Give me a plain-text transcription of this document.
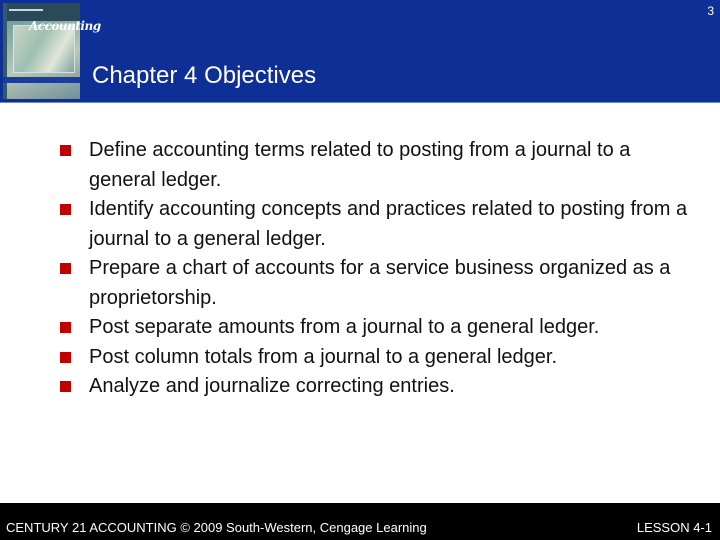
Accounting
Chapter 4 Objectives
3
Define accounting terms related to posting from a journal to a general ledger.
Identify accounting concepts and practices related to posting from a journal to a general ledger.
Prepare a chart of accounts for a service business organized as a proprietorship.
Post separate amounts from a journal to a general ledger.
Post column totals from a journal to a general ledger.
Analyze and journalize correcting entries.
CENTURY 21 ACCOUNTING © 2009 South-Western, Cengage Learning	LESSON 4-1
